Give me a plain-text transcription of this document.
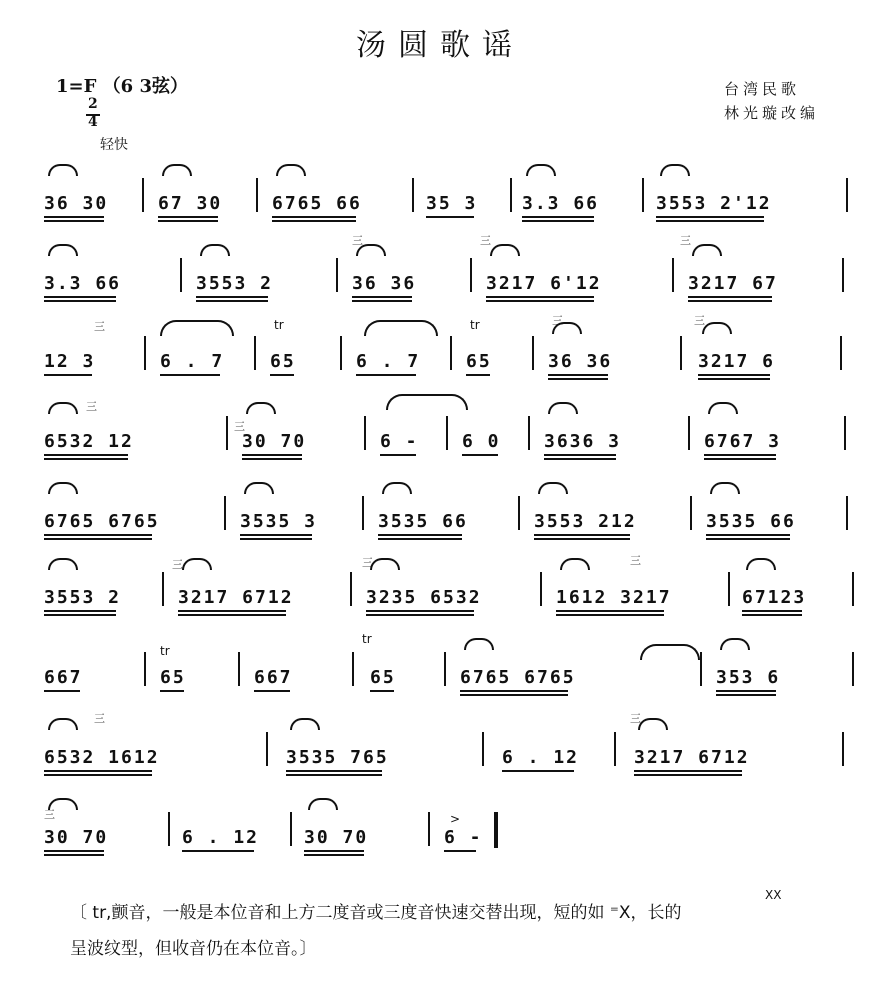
汤圆歌谣
1=F （6 3弦）
2
4
轻快
台湾民歌
林光璇改编
36 30	67 30	6765 66	35 3 3.3 66	3553 2'12
3.3 66	3553 2	36 36	3217 6'12	3217 67
12 3	6 . 7	65	6 . 7	65	36 36	3217 6
6532 12	30 70	6 - 6 0 3636 3	6767 3
6765 6765	3535 3	3535 66	3553 212	3535 66
3553 2	3217 6712	3235 6532	1612 3217	67123
667	65	667	65	6765 6765	353 6
6532 1612	3535 765	6 . 12	3217 6712
30 70	6 . 12 30 70	6 -
tr	tr
tr
tr
三	三	三
三	三	三
三
三
三	三	三
三	三
三	>
〔 tr,颤音，一般是本位音和上方二度音或三度音快速交替出现，短的如 ⁼X，长的
呈波纹型，但收音仍在本位音。〕
XX
